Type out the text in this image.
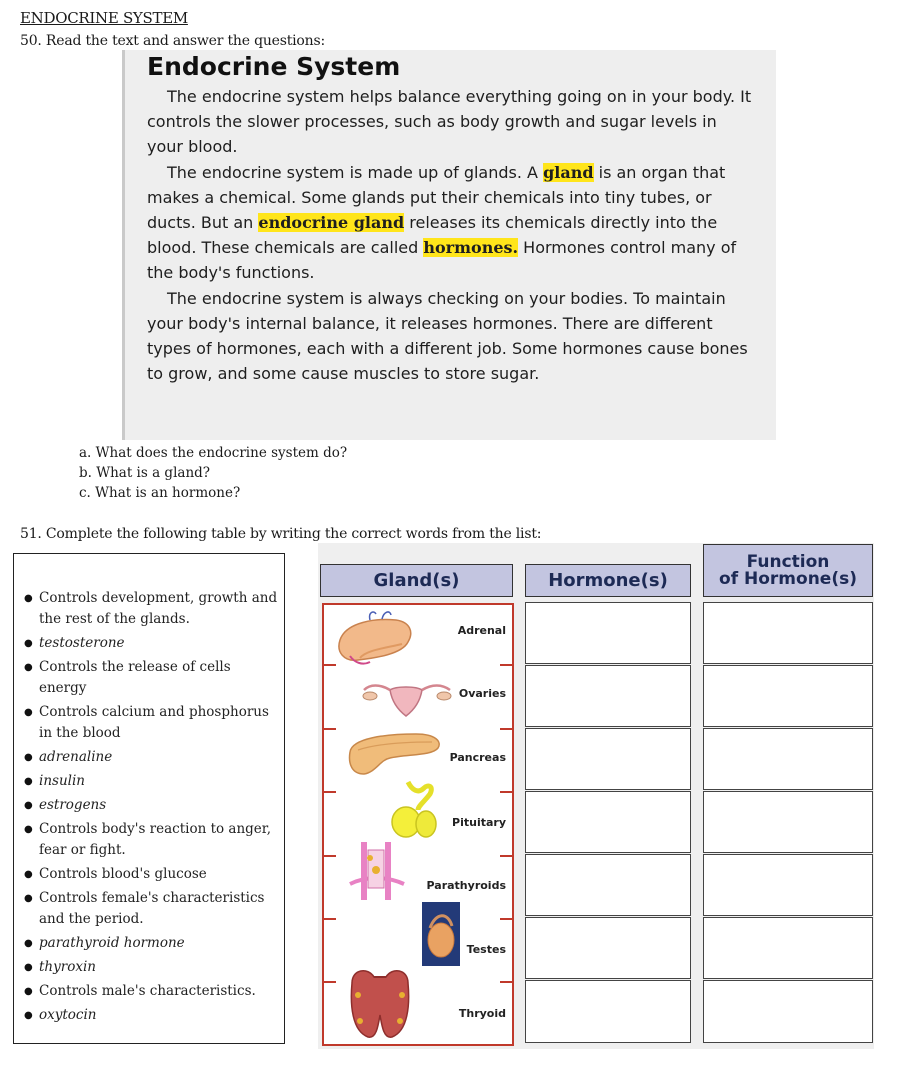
ENDOCRINE SYSTEM
50. Read the text and answer the questions:
Endocrine System

The endocrine system helps balance everything going on in your body. It controls the slower processes, such as body growth and sugar levels in your blood.

The endocrine system is made up of glands. A gland is an organ that makes a chemical. Some glands put their chemicals into tiny tubes, or ducts. But an endocrine gland releases its chemicals directly into the blood. These chemicals are called hormones. Hormones control many of the body's functions.

The endocrine system is always checking on your bodies. To maintain your body's internal balance, it releases hormones. There are different types of hormones, each with a different job. Some hormones cause bones to grow, and some cause muscles to store sugar.

a. What does the endocrine system do?
b. What is a gland?
c. What is an hormone?
51. Complete the following table by writing the correct words from the list:
● Controls development, growth and the rest of the glands.
● testosterone
● Controls the release of cells energy
● Controls calcium and phosphorus in the blood
● adrenaline
● insulin
● estrogens
● Controls body's reaction to anger, fear or fight.
● Controls blood's glucose
● Controls female's characteristics and the period.
● parathyroid hormone
● thyroxin
● Controls male's characteristics.
● oxytocin
Gland(s)	Hormone(s)
Function
of Hormone(s)
Adrenal
Ovaries
Pancreas
Pituitary
Parathyroids
Testes
Thryoid
